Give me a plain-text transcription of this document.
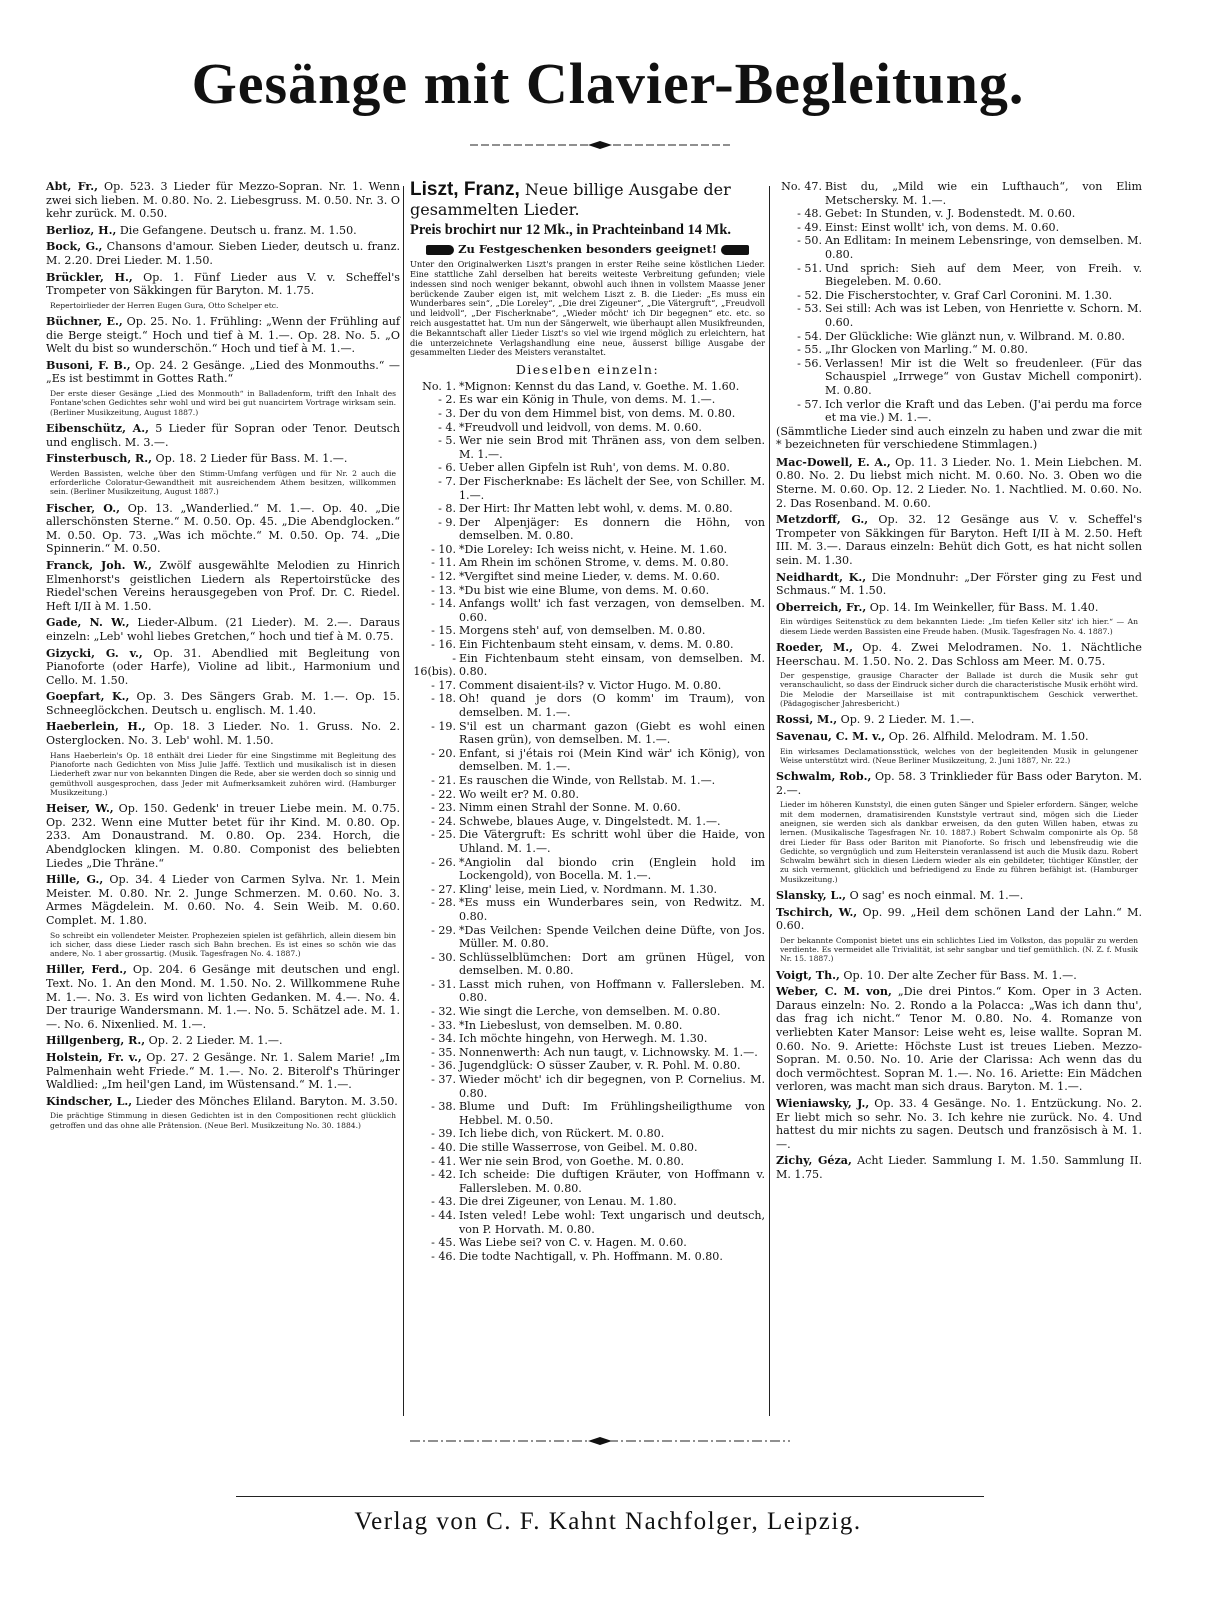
Gesänge mit Clavier-Begleitung.
Abt, Fr., Op. 523. 3 Lieder für Mezzo-Sopran. Nr. 1. Wenn zwei sich lieben. M. 0.80. No. 2. Liebesgruss. M. 0.50. Nr. 3. O kehr zurück. M. 0.50.
Berlioz, H., Die Gefangene. Deutsch u. franz. M. 1.50.
Bock, G., Chansons d'amour. Sieben Lieder, deutsch u. franz. M. 2.20. Drei Lieder. M. 1.50.
Brückler, H., Op. 1. Fünf Lieder aus V. v. Scheffel's Trompeter von Säkkingen für Baryton. M. 1.75.
Repertoirlieder der Herren Eugen Gura, Otto Schelper etc.
Büchner, E., Op. 25. No. 1. Frühling: „Wenn der Frühling auf die Berge steigt.“ Hoch und tief à M. 1.—. Op. 28. No. 5. „O Welt du bist so wunderschön.“ Hoch und tief à M. 1.—.
Busoni, F. B., Op. 24. 2 Gesänge. „Lied des Monmouths.“ — „Es ist bestimmt in Gottes Rath.“
Der erste dieser Gesänge „Lied des Monmouth“ in Balladenform, trifft den Inhalt des Fontane'schen Gedichtes sehr wohl und wird bei gut nuancirtem Vortrage wirksam sein. (Berliner Musikzeitung, August 1887.)
Eibenschütz, A., 5 Lieder für Sopran oder Tenor. Deutsch und englisch. M. 3.—.
Finsterbusch, R., Op. 18. 2 Lieder für Bass. M. 1.—.
Werden Bassisten, welche über den Stimm-Umfang verfügen und für Nr. 2 auch die erforderliche Coloratur-Gewandtheit mit ausreichendem Athem besitzen, willkommen sein. (Berliner Musikzeitung, August 1887.)
Fischer, O., Op. 13. „Wanderlied.“ M. 1.—. Op. 40. „Die allerschönsten Sterne.“ M. 0.50. Op. 45. „Die Abendglocken.“ M. 0.50. Op. 73. „Was ich möchte.“ M. 0.50. Op. 74. „Die Spinnerin.“ M. 0.50.
Franck, Joh. W., Zwölf ausgewählte Melodien zu Hinrich Elmenhorst's geistlichen Liedern als Repertoirstücke des Riedel'schen Vereins herausgegeben von Prof. Dr. C. Riedel. Heft I/II à M. 1.50.
Gade, N. W., Lieder-Album. (21 Lieder). M. 2.—. Daraus einzeln: „Leb' wohl liebes Gretchen,“ hoch und tief à M. 0.75.
Gizycki, G. v., Op. 31. Abendlied mit Begleitung von Pianoforte (oder Harfe), Violine ad libit., Harmonium und Cello. M. 1.50.
Goepfart, K., Op. 3. Des Sängers Grab. M. 1.—. Op. 15. Schneeglöckchen. Deutsch u. englisch. M. 1.40.
Haeberlein, H., Op. 18. 3 Lieder. No. 1. Gruss. No. 2. Osterglocken. No. 3. Leb' wohl. M. 1.50.
Hans Haeberlein's Op. 18 enthält drei Lieder für eine Singstimme mit Begleitung des Pianoforte nach Gedichten von Miss Julie Jaffé. Textlich und musikalisch ist in diesen Liederheft zwar nur von bekannten Dingen die Rede, aber sie werden doch so sinnig und gemüthvoll ausgesprochen, dass Jeder mit Aufmerksamkeit zuhören wird. (Hamburger Musikzeitung.)
Heiser, W., Op. 150. Gedenk' in treuer Liebe mein. M. 0.75. Op. 232. Wenn eine Mutter betet für ihr Kind. M. 0.80. Op. 233. Am Donaustrand. M. 0.80. Op. 234. Horch, die Abendglocken klingen. M. 0.80. Componist des beliebten Liedes „Die Thräne.“
Hille, G., Op. 34. 4 Lieder von Carmen Sylva. Nr. 1. Mein Meister. M. 0.80. Nr. 2. Junge Schmerzen. M. 0.60. No. 3. Armes Mägdelein. M. 0.60. No. 4. Sein Weib. M. 0.60. Complet. M. 1.80.
So schreibt ein vollendeter Meister. Prophezeien spielen ist gefährlich, allein diesem bin ich sicher, dass diese Lieder rasch sich Bahn brechen. Es ist eines so schön wie das andere, No. 1 aber grossartig. (Musik. Tagesfragen No. 4. 1887.)
Hiller, Ferd., Op. 204. 6 Gesänge mit deutschen und engl. Text. No. 1. An den Mond. M. 1.50. No. 2. Willkommene Ruhe M. 1.—. No. 3. Es wird von lichten Gedanken. M. 4.—. No. 4. Der traurige Wandersmann. M. 1.—. No. 5. Schätzel ade. M. 1.—. No. 6. Nixenlied. M. 1.—.
Hillgenberg, R., Op. 2. 2 Lieder. M. 1.—.
Holstein, Fr. v., Op. 27. 2 Gesänge. Nr. 1. Salem Marie! „Im Palmenhain weht Friede.“ M. 1.—. No. 2. Biterolf's Thüringer Waldlied: „Im heil'gen Land, im Wüstensand.“ M. 1.—.
Kindscher, L., Lieder des Mönches Eliland. Baryton. M. 3.50.
Die prächtige Stimmung in diesen Gedichten ist in den Compositionen recht glücklich getroffen und das ohne alle Prätension. (Neue Berl. Musikzeitung No. 30. 1884.)
Liszt, Franz, Neue billige Ausgabe der gesammelten Lieder.
Preis brochirt nur 12 Mk., in Prachteinband 14 Mk.
Zu Festgeschenken besonders geeignet!
Unter den Originalwerken Liszt's prangen in erster Reihe seine köstlichen Lieder. Eine stattliche Zahl derselben hat bereits weiteste Verbreitung gefunden; viele indessen sind noch weniger bekannt, obwohl auch ihnen in vollstem Maasse jener berückende Zauber eigen ist, mit welchem Liszt z. B. die Lieder: „Es muss ein Wunderbares sein“, „Die Loreley“, „Die drei Zigeuner“, „Die Vätergruft“, „Freudvoll und leidvoll“, „Der Fischerknabe“, „Wieder möcht' ich Dir begegnen“ etc. etc. so reich ausgestattet hat. Um nun der Sängerwelt, wie überhaupt allen Musikfreunden, die Bekanntschaft aller Lieder Liszt's so viel wie irgend möglich zu erleichtern, hat die unterzeichnete Verlagshandlung eine neue, äusserst billige Ausgabe der gesammelten Lieder des Meisters veranstaltet.
Dieselben einzeln:
No. 1. *Mignon: Kennst du das Land, v. Goethe. M. 1.60.
- 2. Es war ein König in Thule, von dems. M. 1.—.
- 3. Der du von dem Himmel bist, von dems. M. 0.80.
- 4. *Freudvoll und leidvoll, von dems. M. 0.60.
- 5. Wer nie sein Brod mit Thränen ass, von dem selben. M. 1.—.
- 6. Ueber allen Gipfeln ist Ruh', von dems. M. 0.80.
- 7. Der Fischerknabe: Es lächelt der See, von Schiller. M. 1.—.
- 8. Der Hirt: Ihr Matten lebt wohl, v. dems. M. 0.80.
- 9. Der Alpenjäger: Es donnern die Höhn, von demselben. M. 0.80.
- 10. *Die Loreley: Ich weiss nicht, v. Heine. M. 1.60.
- 11. Am Rhein im schönen Strome, v. dems. M. 0.80.
- 12. *Vergiftet sind meine Lieder, v. dems. M. 0.60.
- 13. *Du bist wie eine Blume, von dems. M. 0.60.
- 14. Anfangs wollt' ich fast verzagen, von demselben. M. 0.60.
- 15. Morgens steh' auf, von demselben. M. 0.80.
- 16. Ein Fichtenbaum steht einsam, v. dems. M. 0.80.
- 16(bis).
Ein Fichtenbaum steht einsam, von demselben. M. 0.80.
- 17. Comment disaient-ils? v. Victor Hugo. M. 0.80.
- 18. Oh! quand je dors (O komm' im Traum), von demselben. M. 1.—.
- 19. S'il est un charmant gazon (Giebt es wohl einen Rasen grün), von demselben. M. 1.—.
- 20. Enfant, si j'étais roi (Mein Kind wär' ich König), von demselben. M. 1.—.
- 21. Es rauschen die Winde, von Rellstab. M. 1.—.
- 22. Wo weilt er? M. 0.80.
- 23. Nimm einen Strahl der Sonne. M. 0.60.
- 24. Schwebe, blaues Auge, v. Dingelstedt. M. 1.—.
- 25. Die Vätergruft: Es schritt wohl über die Haide, von Uhland. M. 1.—.
- 26. *Angiolin dal biondo crin (Englein hold im Lockengold), von Bocella. M. 1.—.
- 27. Kling' leise, mein Lied, v. Nordmann. M. 1.30.
- 28. *Es muss ein Wunderbares sein, von Redwitz. M. 0.80.
- 29. *Das Veilchen: Spende Veilchen deine Düfte, von Jos. Müller. M. 0.80.
- 30. Schlüsselblümchen: Dort am grünen Hügel, von demselben. M. 0.80.
- 31. Lasst mich ruhen, von Hoffmann v. Fallersleben. M. 0.80.
- 32. Wie singt die Lerche, von demselben. M. 0.80.
- 33. *In Liebeslust, von demselben. M. 0.80.
- 34. Ich möchte hingehn, von Herwegh. M. 1.30.
- 35. Nonnenwerth: Ach nun taugt, v. Lichnowsky. M. 1.—.
- 36. Jugendglück: O süsser Zauber, v. R. Pohl. M. 0.80.
- 37. Wieder möcht' ich dir begegnen, von P. Cornelius. M. 0.80.
- 38. Blume und Duft: Im Frühlingsheiligthume von Hebbel. M. 0.50.
- 39. Ich liebe dich, von Rückert. M. 0.80.
- 40. Die stille Wasserrose, von Geibel. M. 0.80.
- 41. Wer nie sein Brod, von Goethe. M. 0.80.
- 42. Ich scheide: Die duftigen Kräuter, von Hoffmann v. Fallersleben. M. 0.80.
- 43. Die drei Zigeuner, von Lenau. M. 1.80.
- 44. Isten veled! Lebe wohl: Text ungarisch und deutsch, von P. Horvath. M. 0.80.
- 45. Was Liebe sei? von C. v. Hagen. M. 0.60.
- 46. Die todte Nachtigall, v. Ph. Hoffmann. M. 0.80.
No. 47. Bist du, „Mild wie ein Lufthauch“, von Elim Metschersky. M. 1.—.
- 48. Gebet: In Stunden, v. J. Bodenstedt. M. 0.60.
- 49. Einst: Einst wollt' ich, von dems. M. 0.60.
- 50. An Edlitam: In meinem Lebensringe, von demselben. M. 0.80.
- 51. Und sprich: Sieh auf dem Meer, von Freih. v. Biegeleben. M. 0.60.
- 52. Die Fischerstochter, v. Graf Carl Coronini. M. 1.30.
- 53. Sei still: Ach was ist Leben, von Henriette v. Schorn. M. 0.60.
- 54. Der Glückliche: Wie glänzt nun, v. Wilbrand. M. 0.80.
- 55. „Ihr Glocken von Marling.“ M. 0.80.
- 56. Verlassen! Mir ist die Welt so freudenleer. (Für das Schauspiel „Irrwege“ von Gustav Michell componirt). M. 0.80.
- 57. Ich verlor die Kraft und das Leben. (J'ai perdu ma force et ma vie.) M. 1.—.
(Sämmtliche Lieder sind auch einzeln zu haben und zwar die mit * bezeichneten für verschiedene Stimmlagen.)
Mac-Dowell, E. A., Op. 11. 3 Lieder. No. 1. Mein Liebchen. M. 0.80. No. 2. Du liebst mich nicht. M. 0.60. No. 3. Oben wo die Sterne. M. 0.60. Op. 12. 2 Lieder. No. 1. Nachtlied. M. 0.60. No. 2. Das Rosenband. M. 0.60.
Metzdorff, G., Op. 32. 12 Gesänge aus V. v. Scheffel's Trompeter von Säkkingen für Baryton. Heft I/II à M. 2.50. Heft III. M. 3.—. Daraus einzeln: Behüt dich Gott, es hat nicht sollen sein. M. 1.30.
Neidhardt, K., Die Mondnuhr: „Der Förster ging zu Fest und Schmaus.“ M. 1.50.
Oberreich, Fr., Op. 14. Im Weinkeller, für Bass. M. 1.40.
Ein würdiges Seitenstück zu dem bekannten Liede: „Im tiefen Keller sitz' ich hier.“ — An diesem Liede werden Bassisten eine Freude haben. (Musik. Tagesfragen No. 4. 1887.)
Roeder, M., Op. 4. Zwei Melodramen. No. 1. Nächtliche Heerschau. M. 1.50. No. 2. Das Schloss am Meer. M. 0.75.
Der gespenstige, grausige Character der Ballade ist durch die Musik sehr gut veranschaulicht, so dass der Eindruck sicher durch die characteristische Musik erhöht wird. Die Melodie der Marseillaise ist mit contrapunktischem Geschick verwerthet. (Pädagogischer Jahresbericht.)
Rossi, M., Op. 9. 2 Lieder. M. 1.—.
Savenau, C. M. v., Op. 26. Alfhild. Melodram. M. 1.50.
Ein wirksames Declamationsstück, welches von der begleitenden Musik in gelungener Weise unterstützt wird. (Neue Berliner Musikzeitung, 2. Juni 1887, Nr. 22.)
Schwalm, Rob., Op. 58. 3 Trinklieder für Bass oder Baryton. M. 2.—.
Lieder im höheren Kunststyl, die einen guten Sänger und Spieler erfordern. Sänger, welche mit dem modernen, dramatisirenden Kunststyle vertraut sind, mögen sich die Lieder aneignen, sie werden sich als dankbar erweisen, da den guten Willen haben, etwas zu lernen. (Musikalische Tagesfragen Nr. 10. 1887.) Robert Schwalm componirte als Op. 58 drei Lieder für Bass oder Bariton mit Pianoforte. So frisch und lebensfreudig wie die Gedichte, so vergnüglich und zum Heiterstein veranlassend ist auch die Musik dazu. Robert Schwalm bewährt sich in diesen Liedern wieder als ein gebildeter, tüchtiger Künstler, der zu sich vermennt, glücklich und befriedigend zu Ende zu führen befähigt ist. (Hamburger Musikzeitung.)
Slansky, L., O sag' es noch einmal. M. 1.—.
Tschirch, W., Op. 99. „Heil dem schönen Land der Lahn.“ M. 0.60.
Der bekannte Componist bietet uns ein schlichtes Lied im Volkston, das populär zu werden verdiente. Es vermeidet alle Trivialität, ist sehr sangbar und tief gemüthlich. (N. Z. f. Musik Nr. 15. 1887.)
Voigt, Th., Op. 10. Der alte Zecher für Bass. M. 1.—.
Weber, C. M. von, „Die drei Pintos.“ Kom. Oper in 3 Acten. Daraus einzeln: No. 2. Rondo a la Polacca: „Was ich dann thu', das frag ich nicht.“ Tenor M. 0.80. No. 4. Romanze von verliebten Kater Mansor: Leise weht es, leise wallte. Sopran M. 0.60. No. 9. Ariette: Höchste Lust ist treues Lieben. Mezzo-Sopran. M. 0.50. No. 10. Arie der Clarissa: Ach wenn das du doch vermöchtest. Sopran M. 1.—. No. 16. Ariette: Ein Mädchen verloren, was macht man sich draus. Baryton. M. 1.—.
Wieniawsky, J., Op. 33. 4 Gesänge. No. 1. Entzückung. No. 2. Er liebt mich so sehr. No. 3. Ich kehre nie zurück. No. 4. Und hattest du mir nichts zu sagen. Deutsch und französisch à M. 1.—.
Zichy, Géza, Acht Lieder. Sammlung I. M. 1.50. Sammlung II. M. 1.75.
Verlag von C. F. Kahnt Nachfolger, Leipzig.
